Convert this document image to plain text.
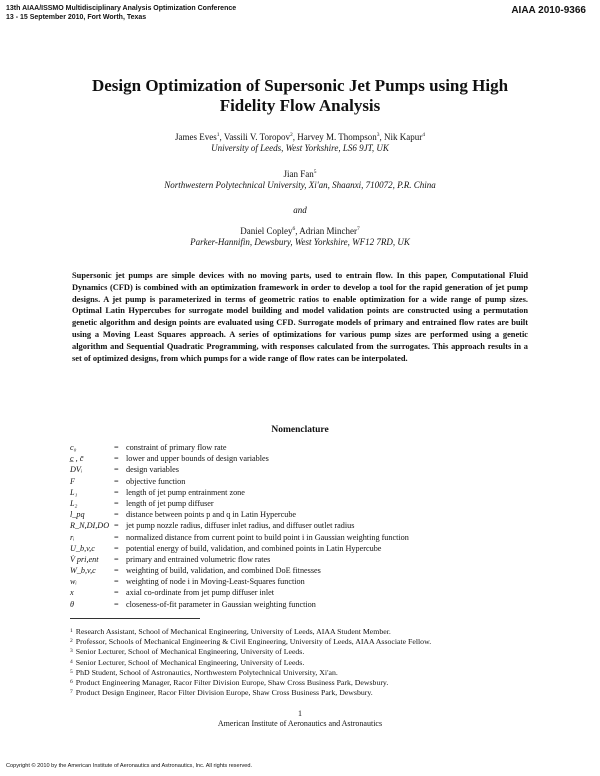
13th AIAA/ISSMO Multidisciplinary Analysis Optimization Conference
13 - 15 September 2010, Fort Worth, Texas
AIAA 2010-9366
Design Optimization of Supersonic Jet Pumps using High
Fidelity Flow Analysis
James Eves$^1$, Vassili V. Toropov$^2$, Harvey M. Thompson$^3$, Nik Kapur$^4$
University of Leeds, West Yorkshire, LS6 9JT, UK
Jian Fan$^5$
Northwestern Polytechnical University, Xi'an, Shaanxi, 710072, P.R. China
and
Daniel Copley$^6$, Adrian Mincher$^7$
Parker-Hannifin, Dewsbury, West Yorkshire, WF12 7RD, UK
Supersonic jet pumps are simple devices with no moving parts, used to entrain flow. In this paper, Computational Fluid Dynamics (CFD) is combined with an optimization framework in order to develop a tool for the rapid generation of jet pump designs. A jet pump is parameterized in terms of geometric ratios to enable optimization for a wide range of pump sizes. Optimal Latin Hypercubes for surrogate model building and model validation points are constructed using a permutation genetic algorithm and design points are evaluated using CFD. Surrogate models of primary and entrained flow rates are built using a Moving Least Squares approach. A series of optimizations for various pump sizes are performed using a genetic algorithm and Sequential Quadratic Programming, with responses calculated from the surrogates. This approach results in a set of optimized designs, from which pumps for a wide range of flow rates can be interpolated.
Nomenclature
c₀	= constraint of primary flow rate
c̲ , c̄	= lower and upper bounds of design variables
DVᵢ	= design variables
F	= objective function
L₁	= length of jet pump entrainment zone
L₂	= length of jet pump diffuser
l_pq	= distance between points p and q in Latin Hypercube
R_N,DI,DO = jet pump nozzle radius, diffuser inlet radius, and diffuser outlet radius
rᵢ	= normalized distance from current point to build point i in Gaussian weighting function
U_b,v,c	= potential energy of build, validation, and combined points in Latin Hypercube
V̇ pri,ent	= primary and entrained volumetric flow rates
W_b,v,c	= weighting of build, validation, and combined DoE fitnesses
wᵢ	= weighting of node i in Moving-Least-Squares function
x	= axial co-ordinate from jet pump diffuser inlet
θ	= closeness-of-fit parameter in Gaussian weighting function
$^1$ Research Assistant, School of Mechanical Engineering, University of Leeds, AIAA Student Member.
$^2$ Professor, Schools of Mechanical Engineering & Civil Engineering, University of Leeds, AIAA Associate Fellow.
$^3$ Senior Lecturer, School of Mechanical Engineering, University of Leeds.
$^4$ Senior Lecturer, School of Mechanical Engineering, University of Leeds.
$^5$ PhD Student, School of Astronautics, Northwestern Polytechnical University, Xi'an.
$^6$ Product Engineering Manager, Racor Filter Division Europe, Shaw Cross Business Park, Dewsbury.
$^7$ Product Design Engineer, Racor Filter Division Europe, Shaw Cross Business Park, Dewsbury.
1
American Institute of Aeronautics and Astronautics
Copyright © 2010 by the American Institute of Aeronautics and Astronautics, Inc. All rights reserved.
